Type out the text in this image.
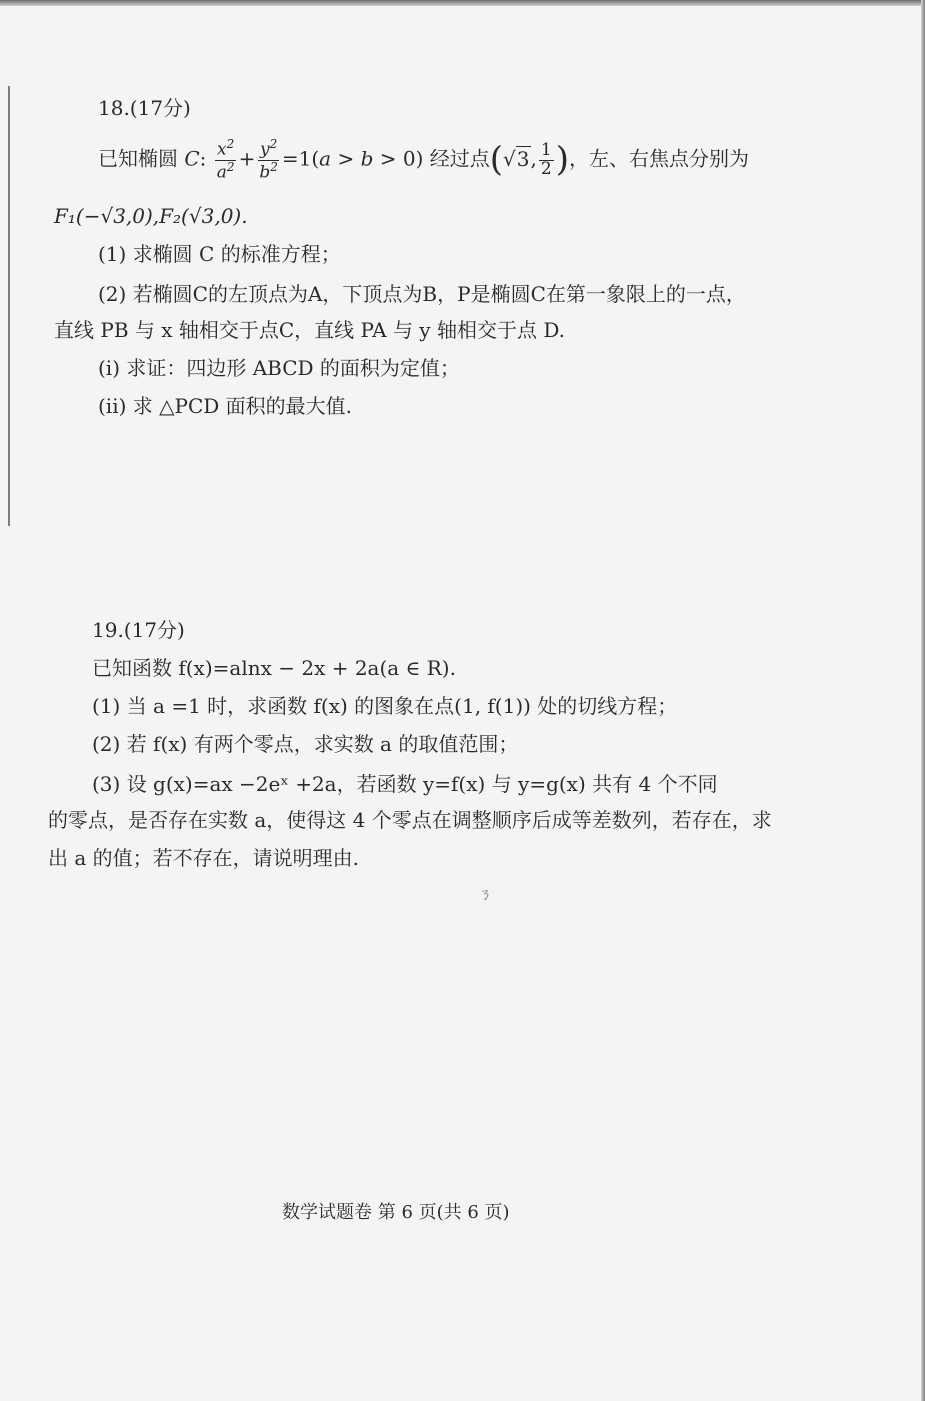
18.(17分)
已知椭圆 C: $\frac{x^2}{a^2} + \frac{y^2}{b^2} =1(a > b > 0)$ 经过点(√3, $\frac{1}{2}$ )，左、右焦点分别为
F₁(−√3,0),F₂(√3,0).
(1) 求椭圆 C 的标准方程；
(2) 若椭圆C的左顶点为A，下顶点为B，P是椭圆C在第一象限上的一点，
直线 PB 与 x 轴相交于点C，直线 PA 与 y 轴相交于点 D.
(i) 求证：四边形 ABCD 的面积为定值；
(ii) 求 △PCD 面积的最大值.
19.(17分)
已知函数 f(x)=alnx − 2x + 2a(a ∈ R).
(1) 当 a =1 时，求函数 f(x) 的图象在点(1, f(1)) 处的切线方程；
(2) 若 f(x) 有两个零点，求实数 a 的取值范围；
(3) 设 g(x)=ax −2eˣ +2a，若函数 y=f(x) 与 y=g(x) 共有 4 个不同
的零点，是否存在实数 a，使得这 4 个零点在调整顺序后成等差数列，若存在，求
出 a 的值；若不存在，请说明理由.
ㄋ
数学试题卷 第 6 页(共 6 页)
